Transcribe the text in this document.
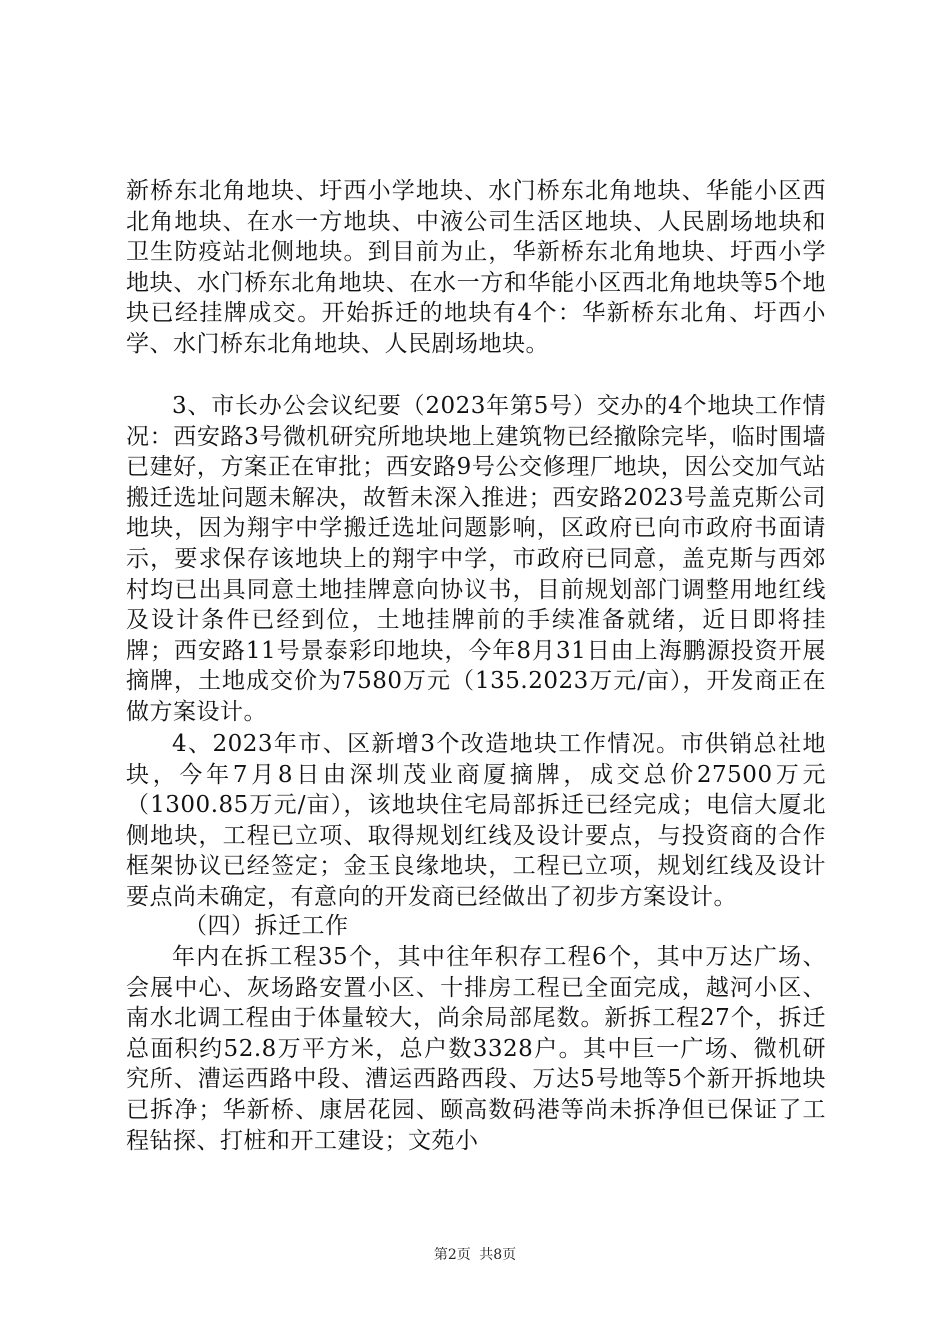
新桥东北角地块、圩西小学地块、水门桥东北角地块、华能小区西北角地块、在水一方地块、中液公司生活区地块、人民剧场地块和卫生防疫站北侧地块。到目前为止，华新桥东北角地块、圩西小学地块、水门桥东北角地块、在水一方和华能小区西北角地块等5个地块已经挂牌成交。开始拆迁的地块有4个：华新桥东北角、圩西小学、水门桥东北角地块、人民剧场地块。

3、市长办公会议纪要（2023年第5号）交办的4个地块工作情况：西安路3号微机研究所地块地上建筑物已经撤除完毕，临时围墙已建好，方案正在审批；西安路9号公交修理厂地块，因公交加气站搬迁选址问题未解决，故暂未深入推进；西安路2023号盖克斯公司地块，因为翔宇中学搬迁选址问题影响，区政府已向市政府书面请示，要求保存该地块上的翔宇中学，市政府已同意，盖克斯与西郊村均已出具同意土地挂牌意向协议书，目前规划部门调整用地红线及设计条件已经到位，土地挂牌前的手续准备就绪，近日即将挂牌；西安路11号景泰彩印地块，今年8月31日由上海鹏源投资开展摘牌，土地成交价为7580万元（135.2023万元/亩），开发商正在做方案设计。

4、2023年市、区新增3个改造地块工作情况。市供销总社地块，今年7月8日由深圳茂业商厦摘牌，成交总价27500万元（1300.85万元/亩），该地块住宅局部拆迁已经完成；电信大厦北侧地块，工程已立项、取得规划红线及设计要点，与投资商的合作框架协议已经签定；金玉良缘地块，工程已立项，规划红线及设计要点尚未确定，有意向的开发商已经做出了初步方案设计。

（四）拆迁工作

年内在拆工程35个，其中往年积存工程6个，其中万达广场、会展中心、灰场路安置小区、十排房工程已全面完成，越河小区、南水北调工程由于体量较大，尚余局部尾数。新拆工程27个，拆迁总面积约52.8万平方米，总户数3328户。其中巨一广场、微机研究所、漕运西路中段、漕运西路西段、万达5号地等5个新开拆地块已拆净；华新桥、康居花园、颐高数码港等尚未拆净但已保证了工程钻探、打桩和开工建设；文苑小

第2页 共8页
